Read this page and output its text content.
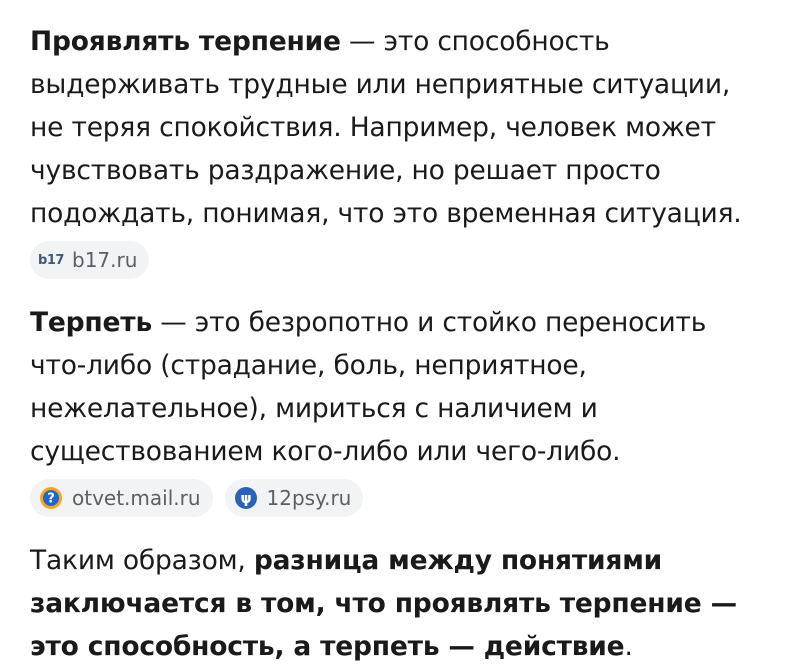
Проявлять терпение — это способность выдерживать трудные или неприятные ситуации, не теряя спокойствия. Например, человек может чувствовать раздражение, но решает просто подождать, понимая, что это временная ситуация.

b17 b17.ru

Терпеть — это безропотно и стойко переносить что-либо (страдание, боль, неприятное, нежелательное), мириться с наличием и существованием кого-либо или чего-либо.

? otvet.mail.ru	ψ 12psy.ru

Таким образом, разница между понятиями заключается в том, что проявлять терпение — это способность, а терпеть — действие.
